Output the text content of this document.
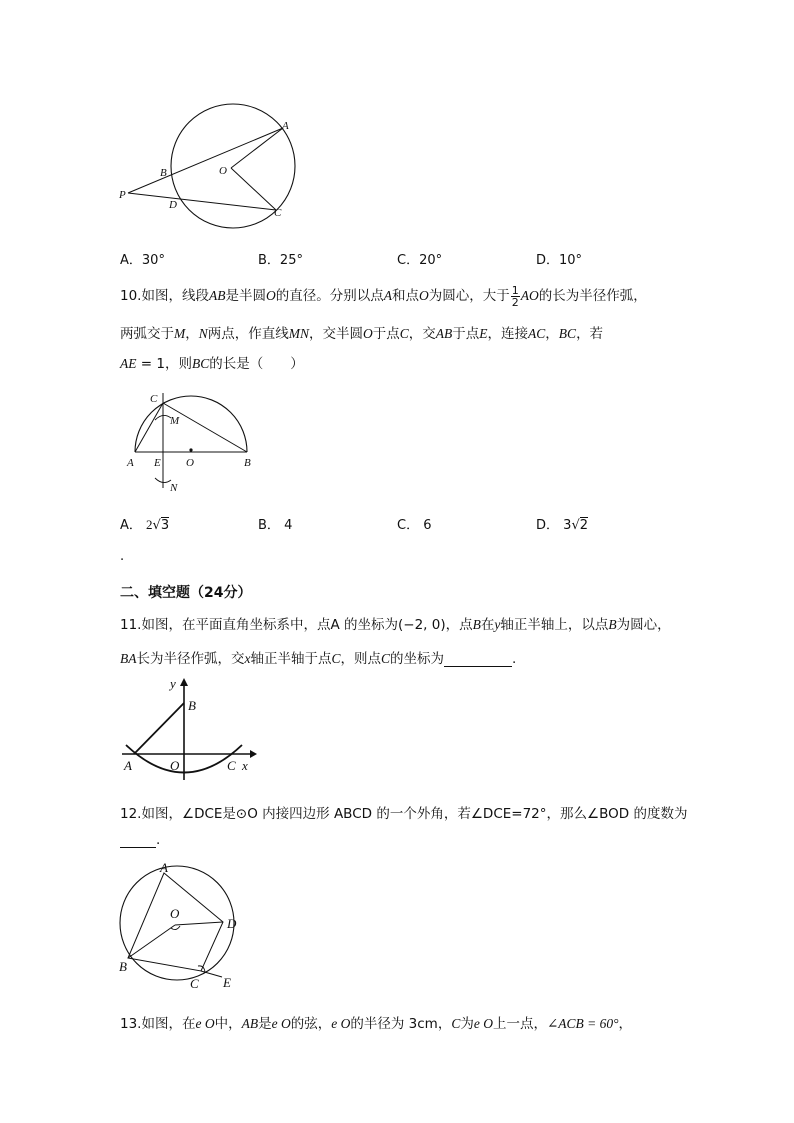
A
B	O
P
D
C
A．30°	B．25°	C．20°	D．10°
10.如图，线段AB是半圆O的直径。分别以点A和点O为圆心，大于 $\frac{1}{2}$ AO的长为半径作弧，
两弧交于M，N两点，作直线MN，交半圆O于点C，交AB于点E，连接AC，BC，若
AE = 1，则BC的长是（　　）
C
M
A E O	B
N
A． 2√3	B． 4	C． 6	D． 3√2
.
二、填空题（24分）
11.如图，在平面直角坐标系中，点A 的坐标为(−2, 0)，点B在y轴正半轴上，以点B为圆心，
BA长为半径作弧，交x轴正半轴于点C，则点C的坐标为	.
y
B
A	O	C x
12.如图，∠DCE是⊙O 内接四边形 ABCD 的一个外角，若∠DCE=72°，那么∠BOD 的度数为
.
A
O
D
B
C E
13.如图，在e O中，AB是e O的弦，e O的半径为 3cm，C为e O上一点，∠ACB = 60°，
